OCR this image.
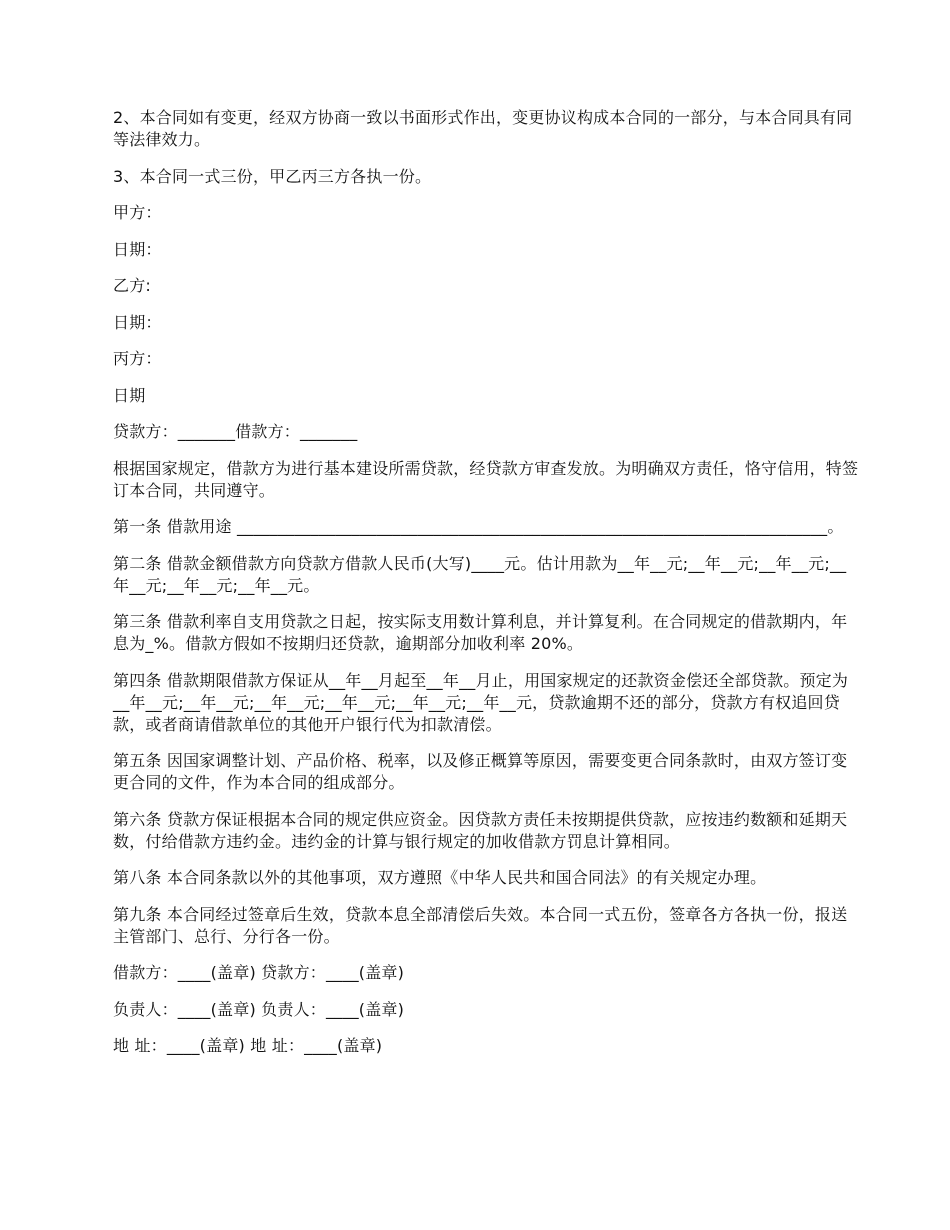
2、本合同如有变更，经双方协商一致以书面形式作出，变更协议构成本合同的一部分，与本合同具有同等法律效力。

3、本合同一式三份，甲乙丙三方各执一份。

甲方：

日期：

乙方:

日期：

丙方：

日期

贷款方：_______借款方：_______

根据国家规定，借款方为进行基本建设所需贷款，经贷款方审查发放。为明确双方责任，恪守信用，特签订本合同，共同遵守。

第一条 借款用途 ________________________________________________________________________。

第二条 借款金额借款方向贷款方借款人民币(大写)____元。估计用款为__年__元;__年__元;__年__元;__年__元;__年__元;__年__元。

第三条 借款利率自支用贷款之日起，按实际支用数计算利息，并计算复利。在合同规定的借款期内，年息为_%。借款方假如不按期归还贷款，逾期部分加收利率 20%。

第四条 借款期限借款方保证从__年__月起至__年__月止，用国家规定的还款资金偿还全部贷款。预定为__年__元;__年__元;__年__元;__年__元;__年__元;__年__元，贷款逾期不还的部分，贷款方有权追回贷款，或者商请借款单位的其他开户银行代为扣款清偿。

第五条 因国家调整计划、产品价格、税率，以及修正概算等原因，需要变更合同条款时，由双方签订变更合同的文件，作为本合同的组成部分。

第六条 贷款方保证根据本合同的规定供应资金。因贷款方责任未按期提供贷款，应按违约数额和延期天数，付给借款方违约金。违约金的计算与银行规定的加收借款方罚息计算相同。

第八条 本合同条款以外的其他事项，双方遵照《中华人民共和国合同法》的有关规定办理。

第九条 本合同经过签章后生效，贷款本息全部清偿后失效。本合同一式五份，签章各方各执一份，报送主管部门、总行、分行各一份。

借款方：____(盖章) 贷款方：____(盖章)

负责人：____(盖章) 负责人：____(盖章)

地 址：____(盖章) 地 址：____(盖章)
